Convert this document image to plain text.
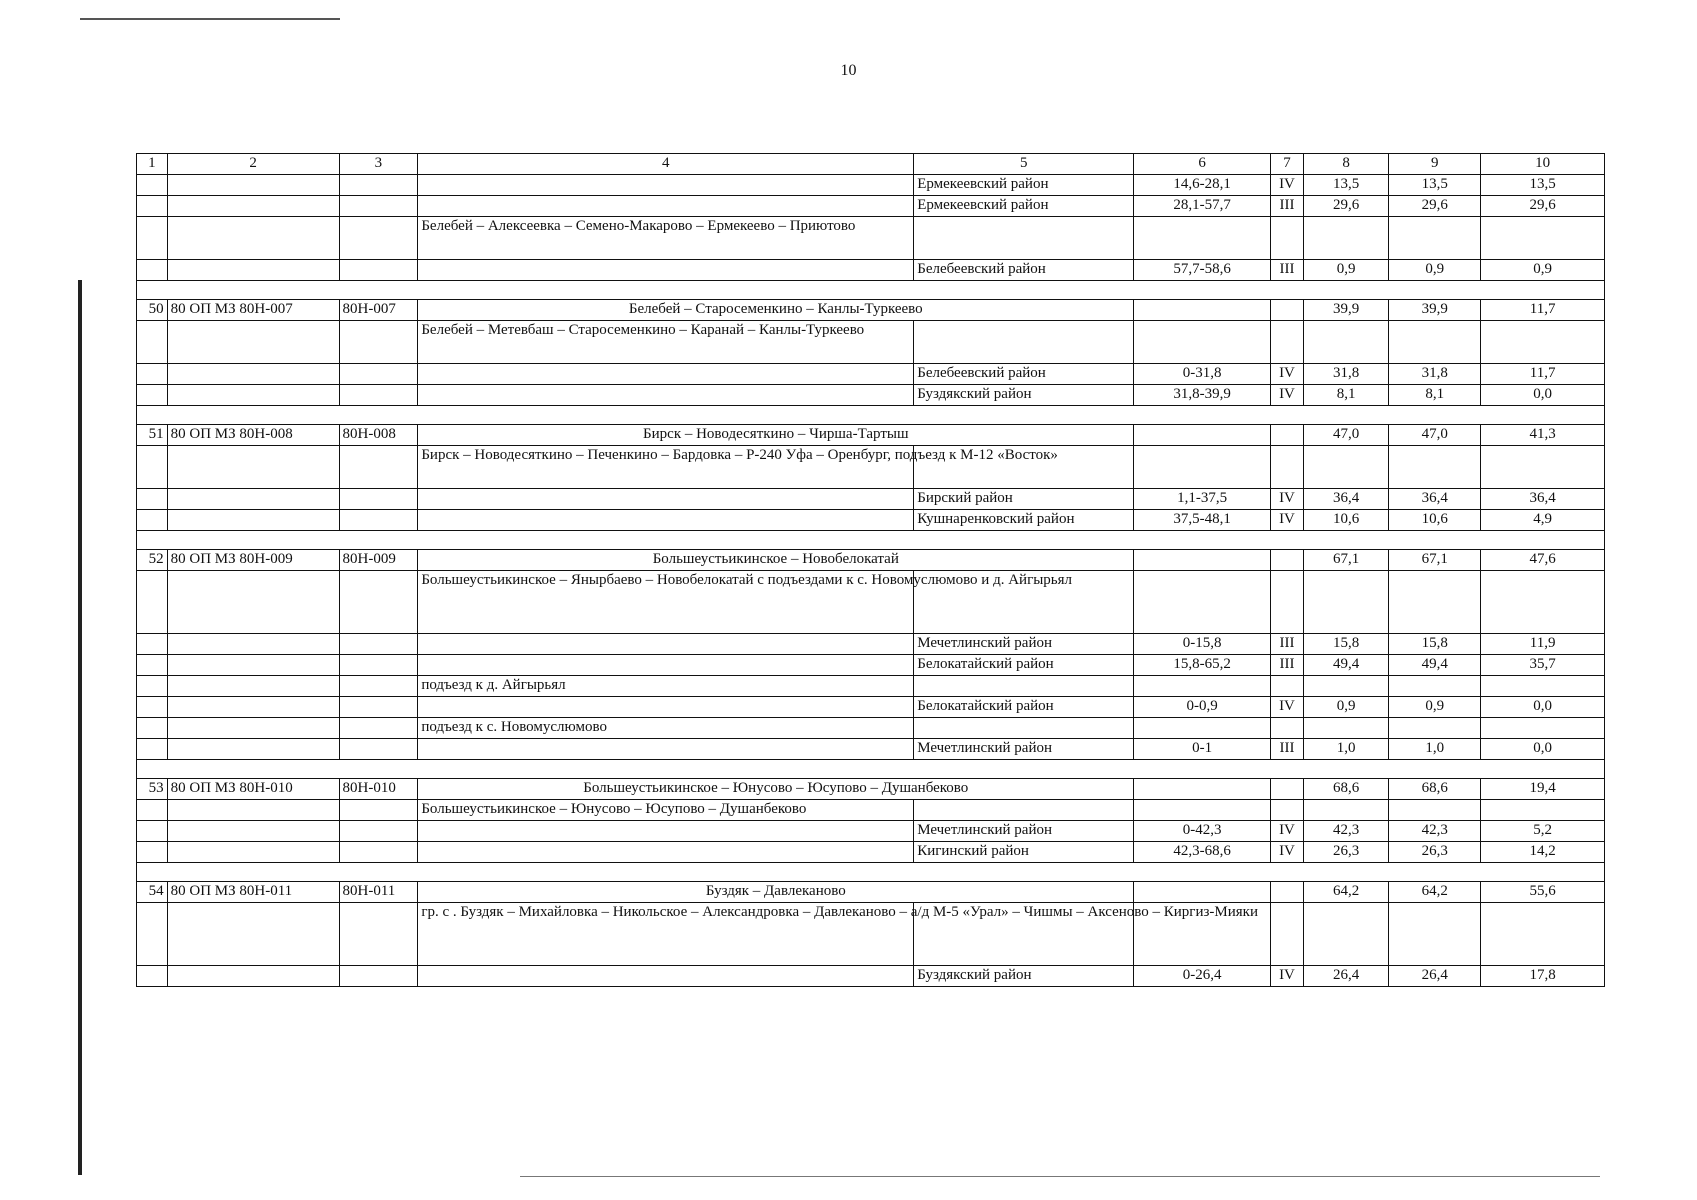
10
1	2	3	4	5	6	7	8	9	10
				Ермекеевский район	14,6-28,1	IV	13,5	13,5	13,5
				Ермекеевский район	28,1-57,7	III	29,6	29,6	29,6
			Белебей – Алексеевка – Семено-Макарово – Ермекеево – Приютово						
				Белебеевский район	57,7-58,6	III	0,9	0,9	0,9

50	80 ОП МЗ 80Н-007	80Н-007	Белебей – Старосеменкино – Канлы-Туркеево				39,9	39,9	11,7
			Белебей – Метевбаш – Старосеменкино – Каранай – Канлы-Туркеево						
				Белебеевский район	0-31,8	IV	31,8	31,8	11,7
				Буздякский район	31,8-39,9	IV	8,1	8,1	0,0

51	80 ОП МЗ 80Н-008	80Н-008	Бирск – Новодесяткино – Чирша-Тартыш				47,0	47,0	41,3
			Бирск – Новодесяткино – Печенкино – Бардовка – Р-240 Уфа – Оренбург, подъезд к М-12 «Восток»						
				Бирский район	1,1-37,5	IV	36,4	36,4	36,4
				Кушнаренковский район	37,5-48,1	IV	10,6	10,6	4,9

52	80 ОП МЗ 80Н-009	80Н-009	Большеустьикинское – Новобелокатай				67,1	67,1	47,6
			Большеустьикинское – Янырбаево – Новобелокатай с подъездами к с. Новомуслюмово и д. Айгырьял						
				Мечетлинский район	0-15,8	III	15,8	15,8	11,9
				Белокатайский район	15,8-65,2	III	49,4	49,4	35,7
			подъезд к д. Айгырьял						
				Белокатайский район	0-0,9	IV	0,9	0,9	0,0
			подъезд к с. Новомуслюмово						
				Мечетлинский район	0-1	III	1,0	1,0	0,0

53	80 ОП МЗ 80Н-010	80Н-010	Большеустьикинское – Юнусово – Юсупово – Душанбеково				68,6	68,6	19,4
			Большеустьикинское – Юнусово – Юсупово – Душанбеково						
				Мечетлинский район	0-42,3	IV	42,3	42,3	5,2
				Кигинский район	42,3-68,6	IV	26,3	26,3	14,2

54	80 ОП МЗ 80Н-011	80Н-011	Буздяк – Давлеканово				64,2	64,2	55,6
			гр. с . Буздяк – Михайловка – Никольское – Александровка – Давлеканово – а/д М-5 «Урал» – Чишмы – Аксеново – Киргиз-Мияки						
				Буздякский район	0-26,4	IV	26,4	26,4	17,8
